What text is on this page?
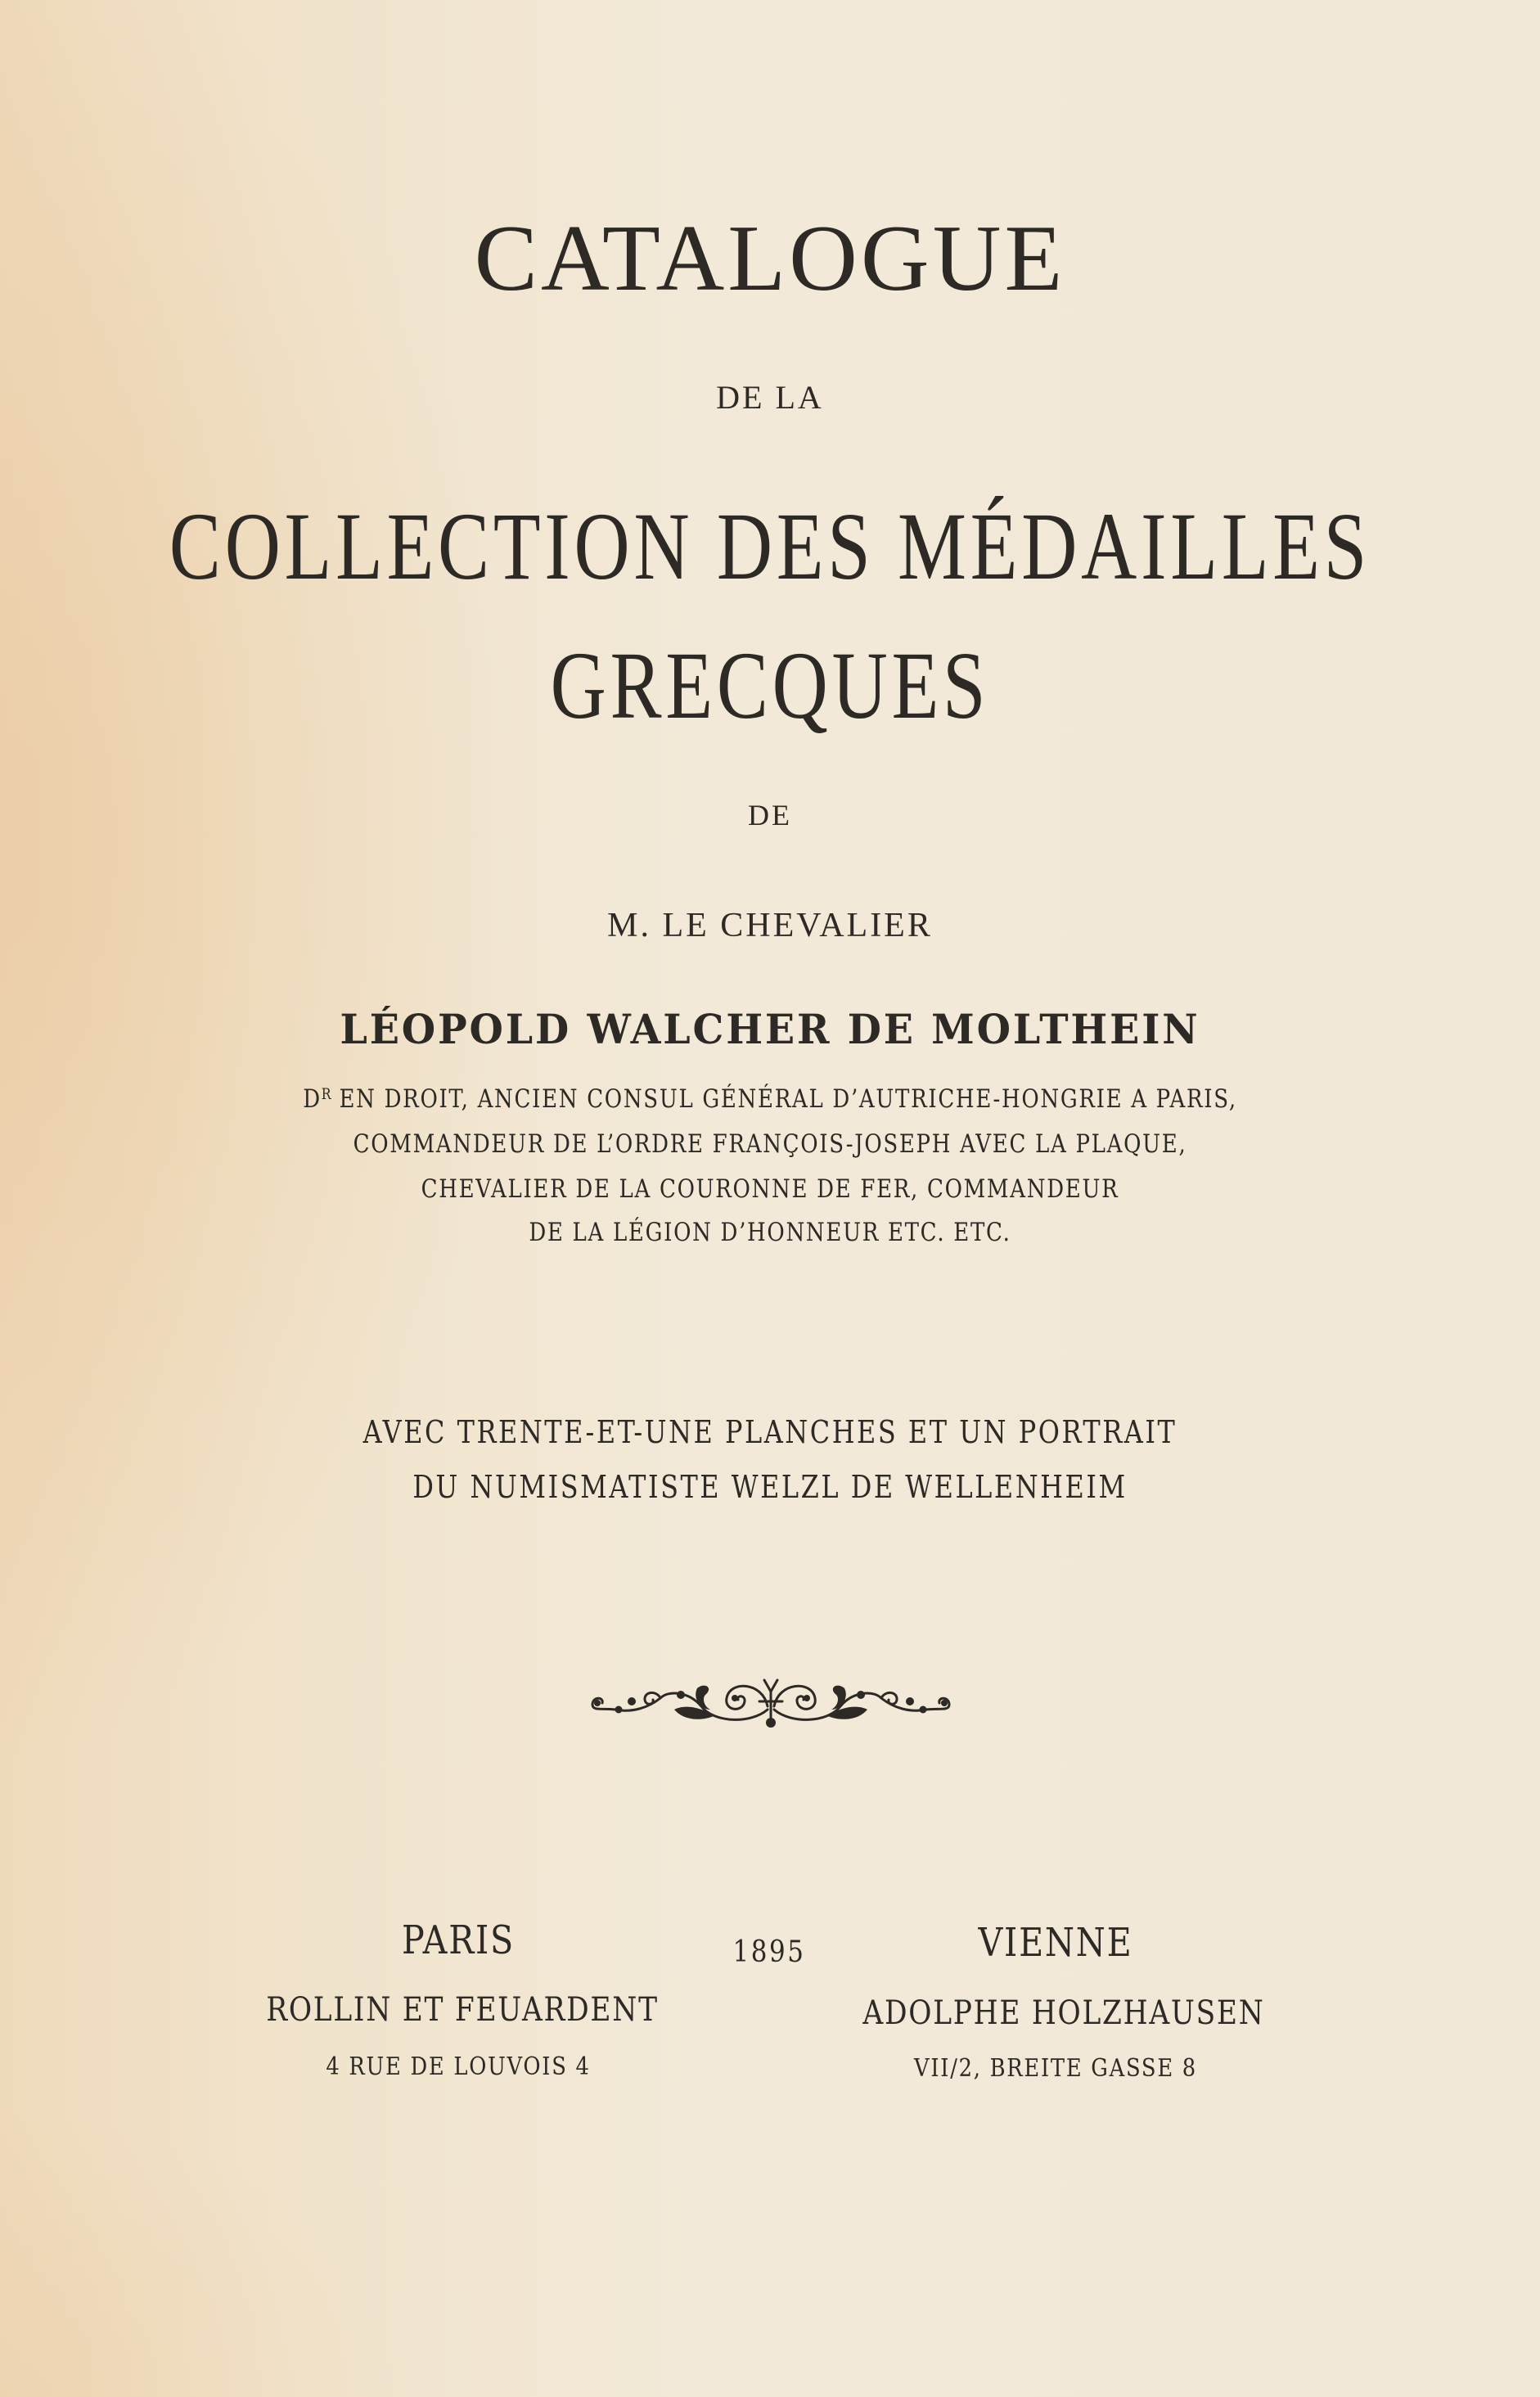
CATALOGUE
DE LA
COLLECTION DES MÉDAILLES
GRECQUES
DE
M. LE CHEVALIER
LÉOPOLD WALCHER DE MOLTHEIN
$D^R$ EN DROIT, ANCIEN CONSUL GÉNÉRAL D’AUTRICHE-HONGRIE A PARIS,
COMMANDEUR DE L’ORDRE FRANÇOIS-JOSEPH AVEC LA PLAQUE,
CHEVALIER DE LA COURONNE DE FER, COMMANDEUR
DE LA LÉGION D’HONNEUR ETC. ETC.
AVEC TRENTE-ET-UNE PLANCHES ET UN PORTRAIT
DU NUMISMATISTE WELZL DE WELLENHEIM
PARIS	1895	VIENNE
ROLLIN ET FEUARDENT	ADOLPHE HOLZHAUSEN
4 RUE DE LOUVOIS 4	VII/2, BREITE GASSE 8
